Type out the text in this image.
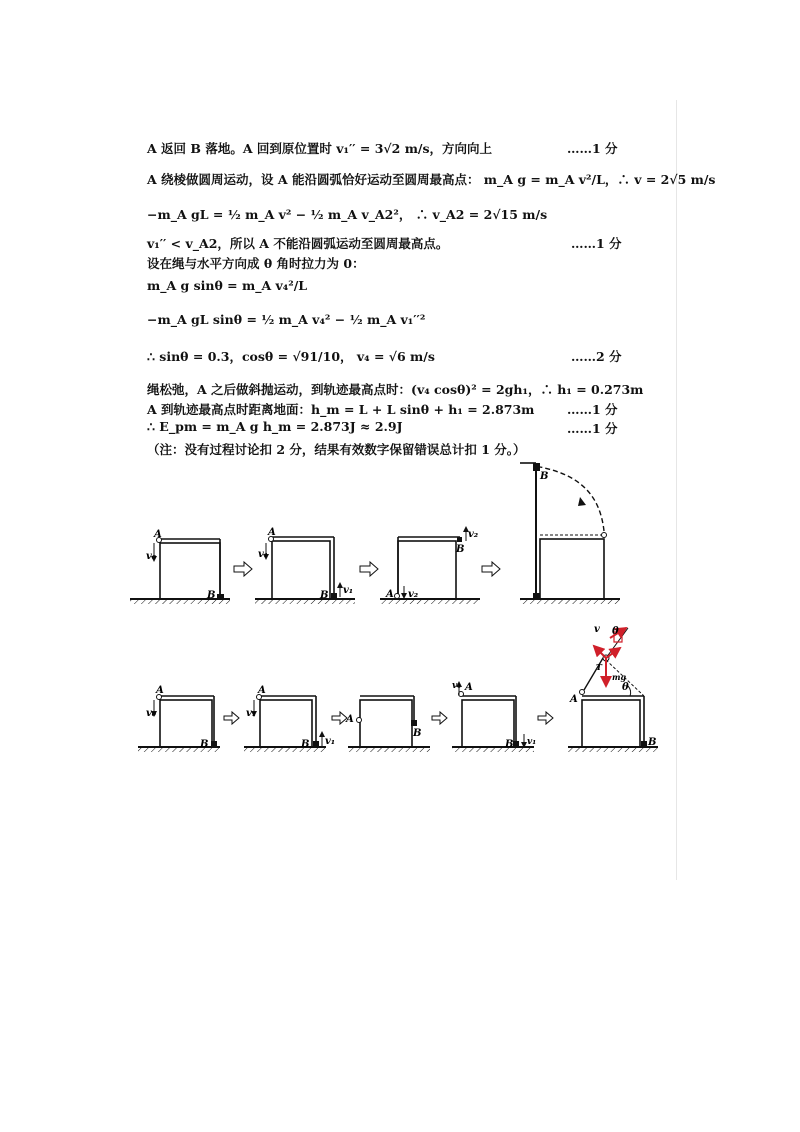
A 返回 B 落地。A 回到原位置时 v₁′′ = 3√2 m/s，方向向上	……1 分
A 绕棱做圆周运动，设 A 能沿圆弧恰好运动至圆周最高点： m_A g = m_A v²/L，∴ v = 2√5 m/s
−m_A gL = ½ m_A v² − ½ m_A v_A2²， ∴ v_A2 = 2√15 m/s
v₁′′ < v_A2，所以 A 不能沿圆弧运动至圆周最高点。	……1 分
设在绳与水平方向成 θ 角时拉力为 0：
m_A g sinθ = m_A v₄²/L
−m_A gL sinθ = ½ m_A v₄² − ½ m_A v₁′′²
∴ sinθ = 0.3，cosθ = √91/10， v₄ = √6 m/s	……2 分
绳松弛，A 之后做斜抛运动，到轨迹最高点时：(v₄ cosθ)² = 2gh₁，∴ h₁ = 0.273m
A 到轨迹最高点时距离地面：h_m = L + L sinθ + h₁ = 2.873m	……1 分
∴ E_pm = m_A g h_m = 2.873J ≈ 2.9J	……1 分
（注：没有过程讨论扣 2 分，结果有效数字保留错误总计扣 1 分。）
A
v₀
B
A
v₁
B v₁	A v₂
B
v₂
B
A
v₀
B
A
v₁
B v₁
A
B
v₁ A
B v₁
v θ
T
mg
θ
A
B
